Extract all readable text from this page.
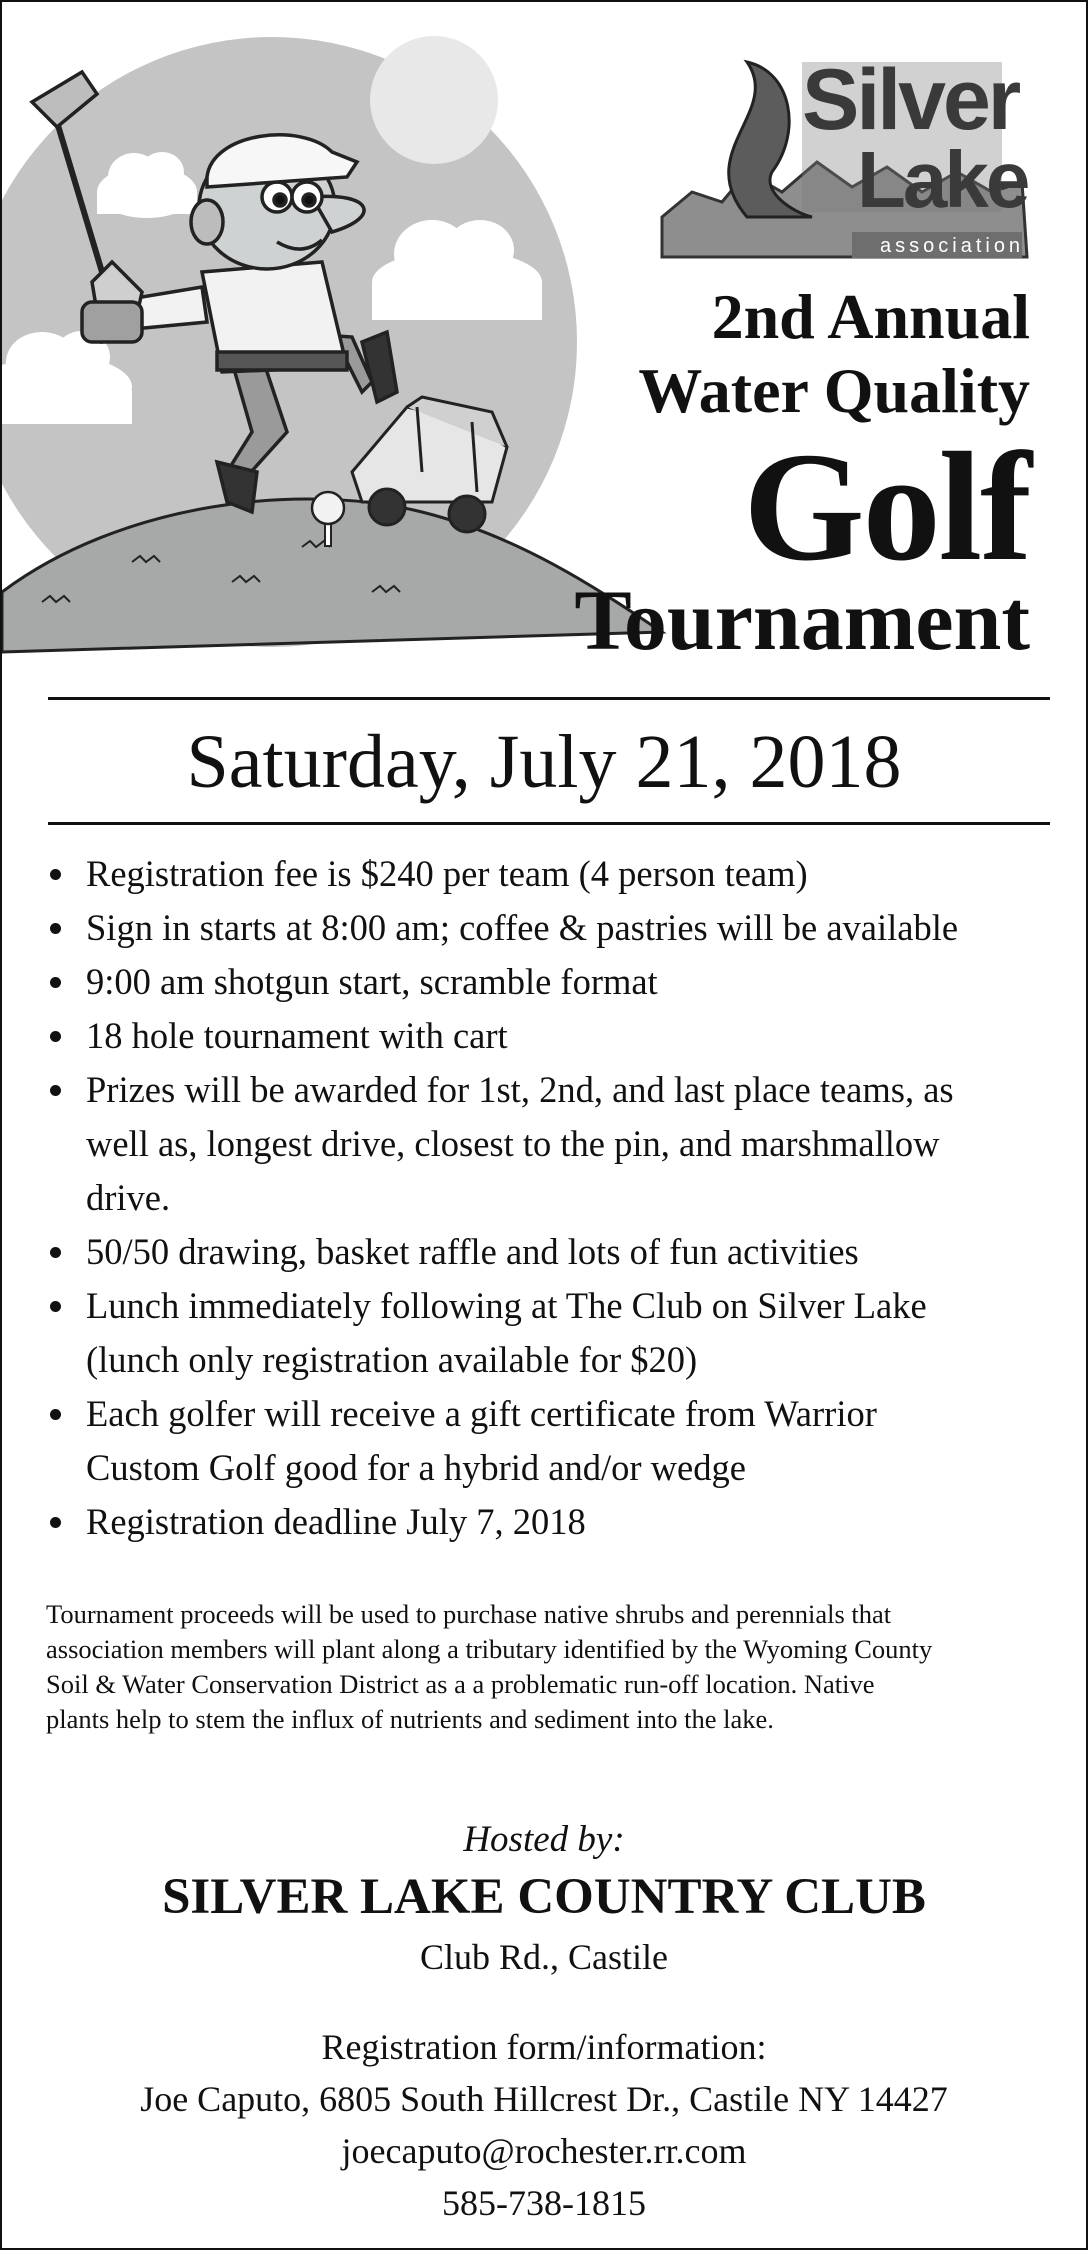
Silver
Lake
association
2nd Annual
Water Quality
Golf
Tournament
Saturday, July 21, 2018
Registration fee is $240 per team (4 person team)
Sign in starts at 8:00 am; coffee & pastries will be available
9:00 am shotgun start, scramble format
18 hole tournament with cart
Prizes will be awarded for 1st, 2nd, and last place teams, as
well as, longest drive, closest to the pin, and marshmallow
drive.
50/50 drawing, basket raffle and lots of fun activities
Lunch immediately following at The Club on Silver Lake
(lunch only registration available for $20)
Each golfer will receive a gift certificate from Warrior
Custom Golf good for a hybrid and/or wedge
Registration deadline July 7, 2018
Tournament proceeds will be used to purchase native shrubs and perennials that
association members will plant along a tributary identified by the Wyoming County
Soil & Water Conservation District as a a problematic run-off location. Native
plants help to stem the influx of nutrients and sediment into the lake.
Hosted by:
SILVER LAKE COUNTRY CLUB
Club Rd., Castile
Registration form/information:
Joe Caputo, 6805 South Hillcrest Dr., Castile NY 14427
joecaputo@rochester.rr.com
585-738-1815
